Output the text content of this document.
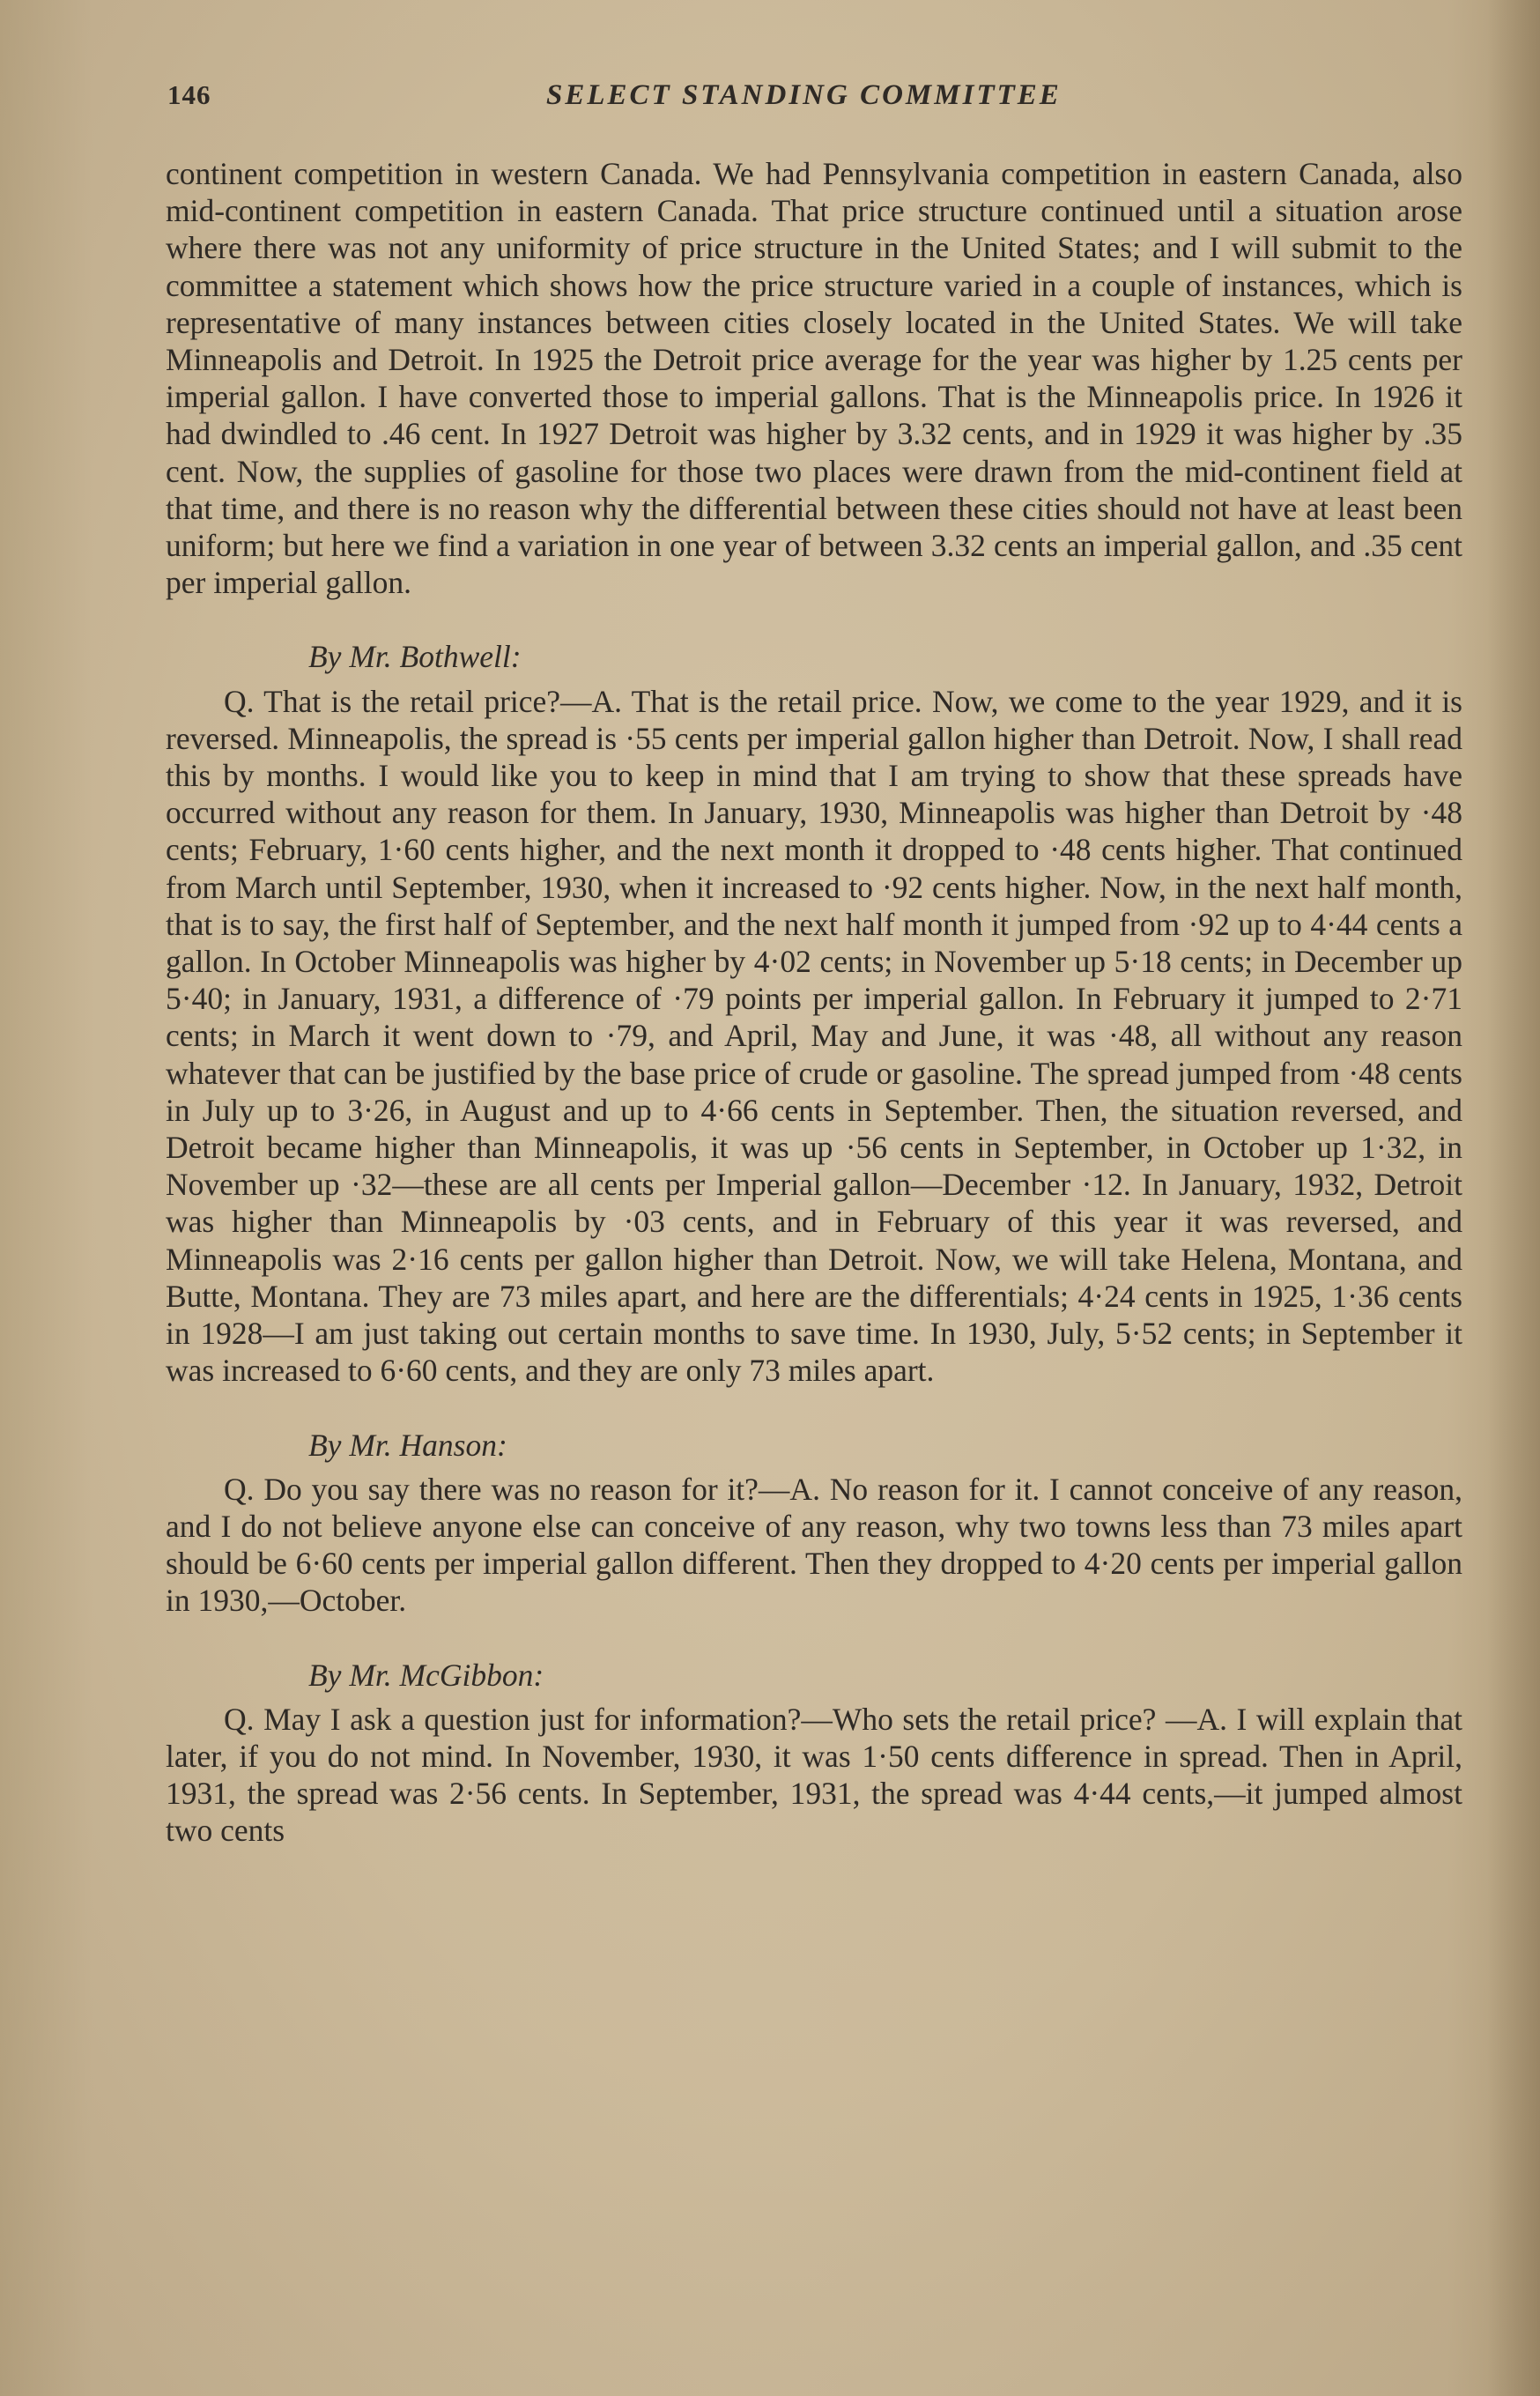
146	SELECT STANDING COMMITTEE

continent competition in western Canada. We had Pennsylvania competition in eastern Canada, also mid-continent competition in eastern Canada. That price structure continued until a situation arose where there was not any uniformity of price structure in the United States; and I will submit to the committee a statement which shows how the price structure varied in a couple of instances, which is representative of many instances between cities closely located in the United States. We will take Minneapolis and Detroit. In 1925 the Detroit price average for the year was higher by 1.25 cents per imperial gallon. I have converted those to imperial gallons. That is the Minneapolis price. In 1926 it had dwindled to .46 cent. In 1927 Detroit was higher by 3.32 cents, and in 1929 it was higher by .35 cent. Now, the supplies of gasoline for those two places were drawn from the mid-continent field at that time, and there is no reason why the differential between these cities should not have at least been uniform; but here we find a variation in one year of between 3.32 cents an imperial gallon, and .35 cent per imperial gallon.

By Mr. Bothwell:

Q. That is the retail price?—A. That is the retail price. Now, we come to the year 1929, and it is reversed. Minneapolis, the spread is ·55 cents per imperial gallon higher than Detroit. Now, I shall read this by months. I would like you to keep in mind that I am trying to show that these spreads have occurred without any reason for them. In January, 1930, Minneapolis was higher than Detroit by ·48 cents; February, 1·60 cents higher, and the next month it dropped to ·48 cents higher. That continued from March until September, 1930, when it increased to ·92 cents higher. Now, in the next half month, that is to say, the first half of September, and the next half month it jumped from ·92 up to 4·44 cents a gallon. In October Minneapolis was higher by 4·02 cents; in November up 5·18 cents; in December up 5·40; in January, 1931, a difference of ·79 points per imperial gallon. In February it jumped to 2·71 cents; in March it went down to ·79, and April, May and June, it was ·48, all without any reason whatever that can be justified by the base price of crude or gasoline. The spread jumped from ·48 cents in July up to 3·26, in August and up to 4·66 cents in September. Then, the situation reversed, and Detroit became higher than Minneapolis, it was up ·56 cents in September, in October up 1·32, in November up ·32—these are all cents per Imperial gallon—December ·12. In January, 1932, Detroit was higher than Minneapolis by ·03 cents, and in February of this year it was reversed, and Minneapolis was 2·16 cents per gallon higher than Detroit. Now, we will take Helena, Montana, and Butte, Montana. They are 73 miles apart, and here are the differentials; 4·24 cents in 1925, 1·36 cents in 1928—I am just taking out certain months to save time. In 1930, July, 5·52 cents; in September it was increased to 6·60 cents, and they are only 73 miles apart.

By Mr. Hanson:

Q. Do you say there was no reason for it?—A. No reason for it. I cannot conceive of any reason, and I do not believe anyone else can conceive of any reason, why two towns less than 73 miles apart should be 6·60 cents per imperial gallon different. Then they dropped to 4·20 cents per imperial gallon in 1930,—October.

By Mr. McGibbon:

Q. May I ask a question just for information?—Who sets the retail price? —A. I will explain that later, if you do not mind. In November, 1930, it was 1·50 cents difference in spread. Then in April, 1931, the spread was 2·56 cents. In September, 1931, the spread was 4·44 cents,—it jumped almost two cents
